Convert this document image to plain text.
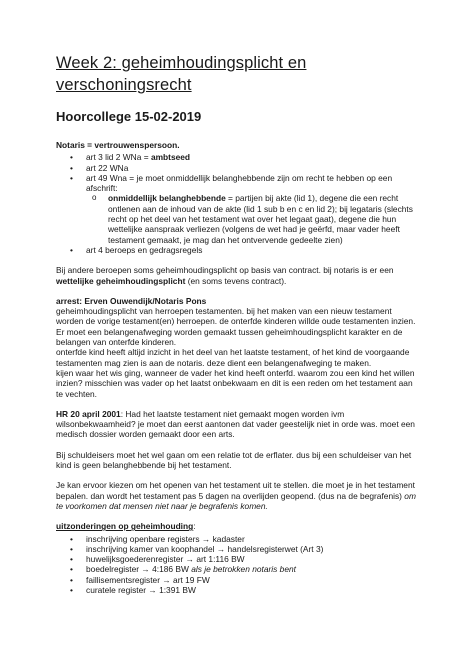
Week 2: geheimhoudingsplicht en
verschoningsrecht
Hoorcollege 15-02-2019

Notaris = vertrouwenspersoon.

• art 3 lid 2 WNa = ambtseed
• art 22 WNa
• art 49 Wna = je moet onmiddellijk belanghebbende zijn om recht te hebben op een afschrift:
o onmiddellijk belanghebbende = partijen bij akte (lid 1), degene die een recht ontlenen aan de inhoud van de akte (lid 1 sub b en c en lid 2); bij legataris (slechts recht op het deel van het testament wat over het legaat gaat), degene die hun wettelijke aanspraak verliezen (volgens de wet had je geërfd, maar vader heeft testament gemaakt, je mag dan het ontvervende gedeelte zien)
• art 4 beroeps en gedragsregels

Bij andere beroepen soms geheimhoudingsplicht op basis van contract. bij notaris is er een wettelijke geheimhoudingsplicht (en soms tevens contract).

arrest: Erven Ouwendijk/Notaris Pons

geheimhoudingsplicht van herroepen testamenten. bij het maken van een nieuw testament worden de vorige testament(en) herroepen. de onterfde kinderen willde oude testamenten inzien. Er moet een belangenafweging worden gemaakt tussen geheimhoudingsplicht karakter en de belangen van onterfde kinderen.

onterfde kind heeft altijd inzicht in het deel van het laatste testament, of het kind de voorgaande testamenten mag zien is aan de notaris. deze dient een belangenafweging te maken.

kijen waar het wis ging, wanneer de vader het kind heeft onterfd. waarom zou een kind het willen inzien? misschien was vader op het laatst onbekwaam en dit is een reden om het testament aan te vechten.

HR 20 april 2001: Had het laatste testament niet gemaakt mogen worden ivm wilsonbekwaamheid? je moet dan eerst aantonen dat vader geestelijk niet in orde was. moet een medisch dossier worden gemaakt door een arts.

Bij schuldeisers moet het wel gaan om een relatie tot de erflater. dus bij een schuldeiser van het kind is geen belanghebbende bij het testament.

Je kan ervoor kiezen om het openen van het testament uit te stellen. die moet je in het testament bepalen. dan wordt het testament pas 5 dagen na overlijden geopend. (dus na de begrafenis) om te voorkomen dat mensen niet naar je begrafenis komen.

uitzonderingen op geheimhouding:

• inschrijving openbare registers → kadaster
• inschrijving kamer van koophandel → handelsregisterwet (Art 3)
• huwelijksgoederenregister → art 1:116 BW
• boedelregister → 4:186 BW als je betrokken notaris bent
• faillisementsregister → art 19 FW
• curatele register → 1:391 BW
